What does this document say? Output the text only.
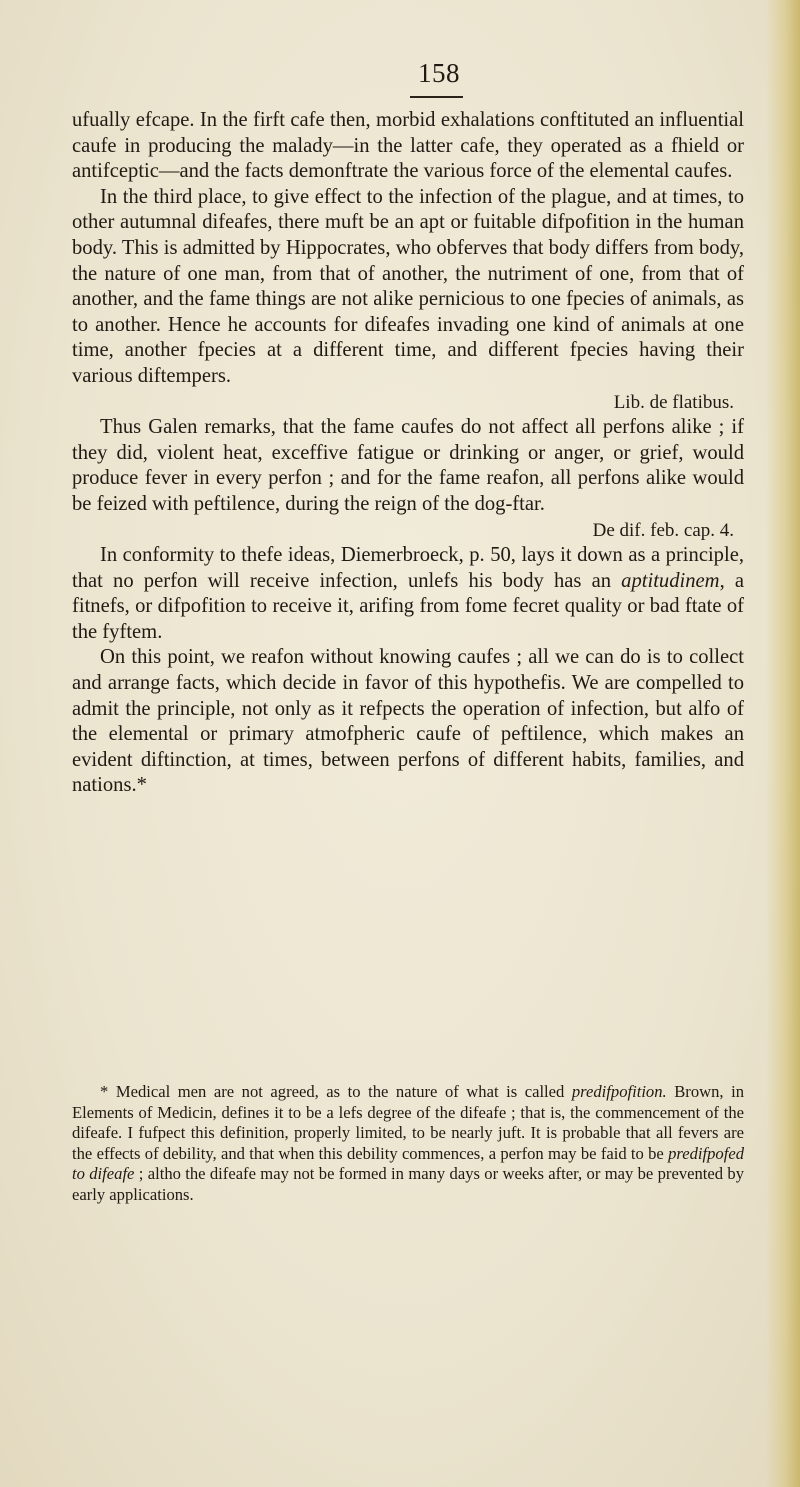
158

ufually efcape. In the firft cafe then, morbid exhalations conftituted an influential caufe in producing the malady—in the latter cafe, they operated as a fhield or antifceptic—and the facts demonftrate the various force of the elemental caufes.

In the third place, to give effect to the infection of the plague, and at times, to other autumnal difeafes, there muft be an apt or fuitable difpofition in the human body. This is admitted by Hippocrates, who obferves that body differs from body, the nature of one man, from that of another, the nutriment of one, from that of another, and the fame things are not alike pernicious to one fpecies of animals, as to another. Hence he accounts for difeafes invading one kind of animals at one time, another fpecies at a different time, and different fpecies having their various diftempers.

Lib. de flatibus.

Thus Galen remarks, that the fame caufes do not affect all perfons alike ; if they did, violent heat, exceffive fatigue or drinking or anger, or grief, would produce fever in every perfon ; and for the fame reafon, all perfons alike would be feized with peftilence, during the reign of the dog-ftar.

De dif. feb. cap. 4.

In conformity to thefe ideas, Diemerbroeck, p. 50, lays it down as a principle, that no perfon will receive infection, unlefs his body has an aptitudinem, a fitnefs, or difpofition to receive it, arifing from fome fecret quality or bad ftate of the fyftem.

On this point, we reafon without knowing caufes ; all we can do is to collect and arrange facts, which decide in favor of this hypothefis. We are compelled to admit the principle, not only as it refpects the operation of infection, but alfo of the elemental or primary atmofpheric caufe of peftilence, which makes an evident diftinction, at times, between perfons of different habits, families, and nations.*

* Medical men are not agreed, as to the nature of what is called predifpofition. Brown, in Elements of Medicin, defines it to be a lefs degree of the difeafe ; that is, the commencement of the difeafe. I fufpect this definition, properly limited, to be nearly juft. It is probable that all fevers are the effects of debility, and that when this debility commences, a perfon may be faid to be predifpofed to difeafe ; altho the difeafe may not be formed in many days or weeks after, or may be prevented by early applications.
